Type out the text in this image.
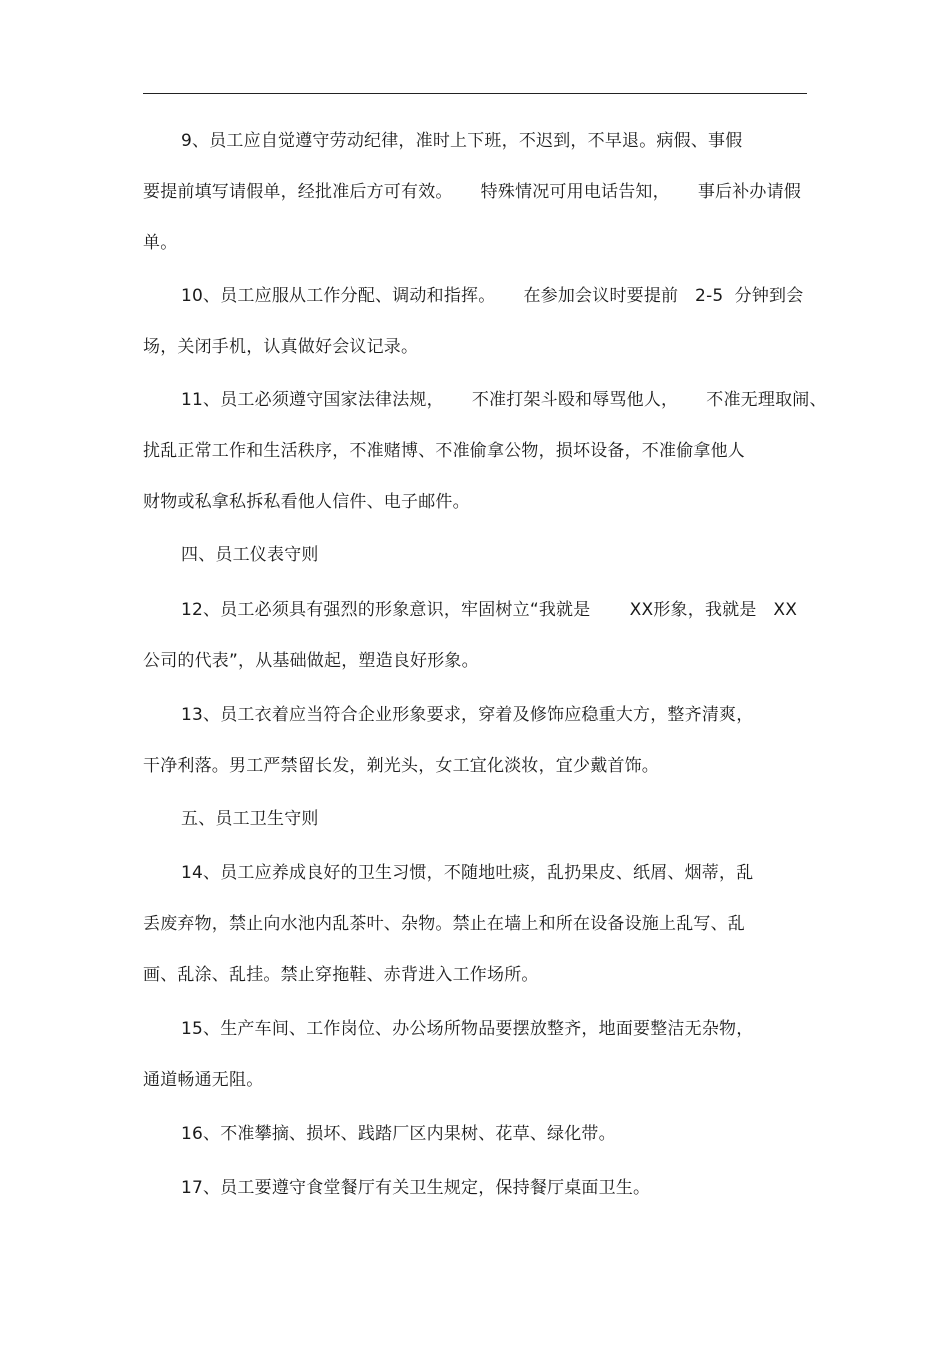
9、员工应自觉遵守劳动纪律，准时上下班，不迟到，不早退。病假、事假
要提前填写请假单，经批准后方可有效。     特殊情况可用电话告知，     事后补办请假
单。
10、员工应服从工作分配、调动和指挥。     在参加会议时要提前   2-5  分钟到会
场，关闭手机，认真做好会议记录。
11、员工必须遵守国家法律法规，     不准打架斗殴和辱骂他人，     不准无理取闹、
扰乱正常工作和生活秩序，不准赌博、不准偷拿公物，损坏设备，不准偷拿他人
财物或私拿私拆私看他人信件、电子邮件。
四、员工仪表守则
12、员工必须具有强烈的形象意识，牢固树立“我就是       XX形象，我就是   XX
公司的代表”，从基础做起，塑造良好形象。
13、员工衣着应当符合企业形象要求，穿着及修饰应稳重大方，整齐清爽，
干净利落。男工严禁留长发，剃光头，女工宜化淡妆，宜少戴首饰。
五、员工卫生守则
14、员工应养成良好的卫生习惯，不随地吐痰，乱扔果皮、纸屑、烟蒂，乱
丢废弃物，禁止向水池内乱茶叶、杂物。禁止在墙上和所在设备设施上乱写、乱
画、乱涂、乱挂。禁止穿拖鞋、赤背进入工作场所。
15、生产车间、工作岗位、办公场所物品要摆放整齐，地面要整洁无杂物，
通道畅通无阻。
16、不准攀摘、损坏、践踏厂区内果树、花草、绿化带。
17、员工要遵守食堂餐厅有关卫生规定，保持餐厅桌面卫生。
